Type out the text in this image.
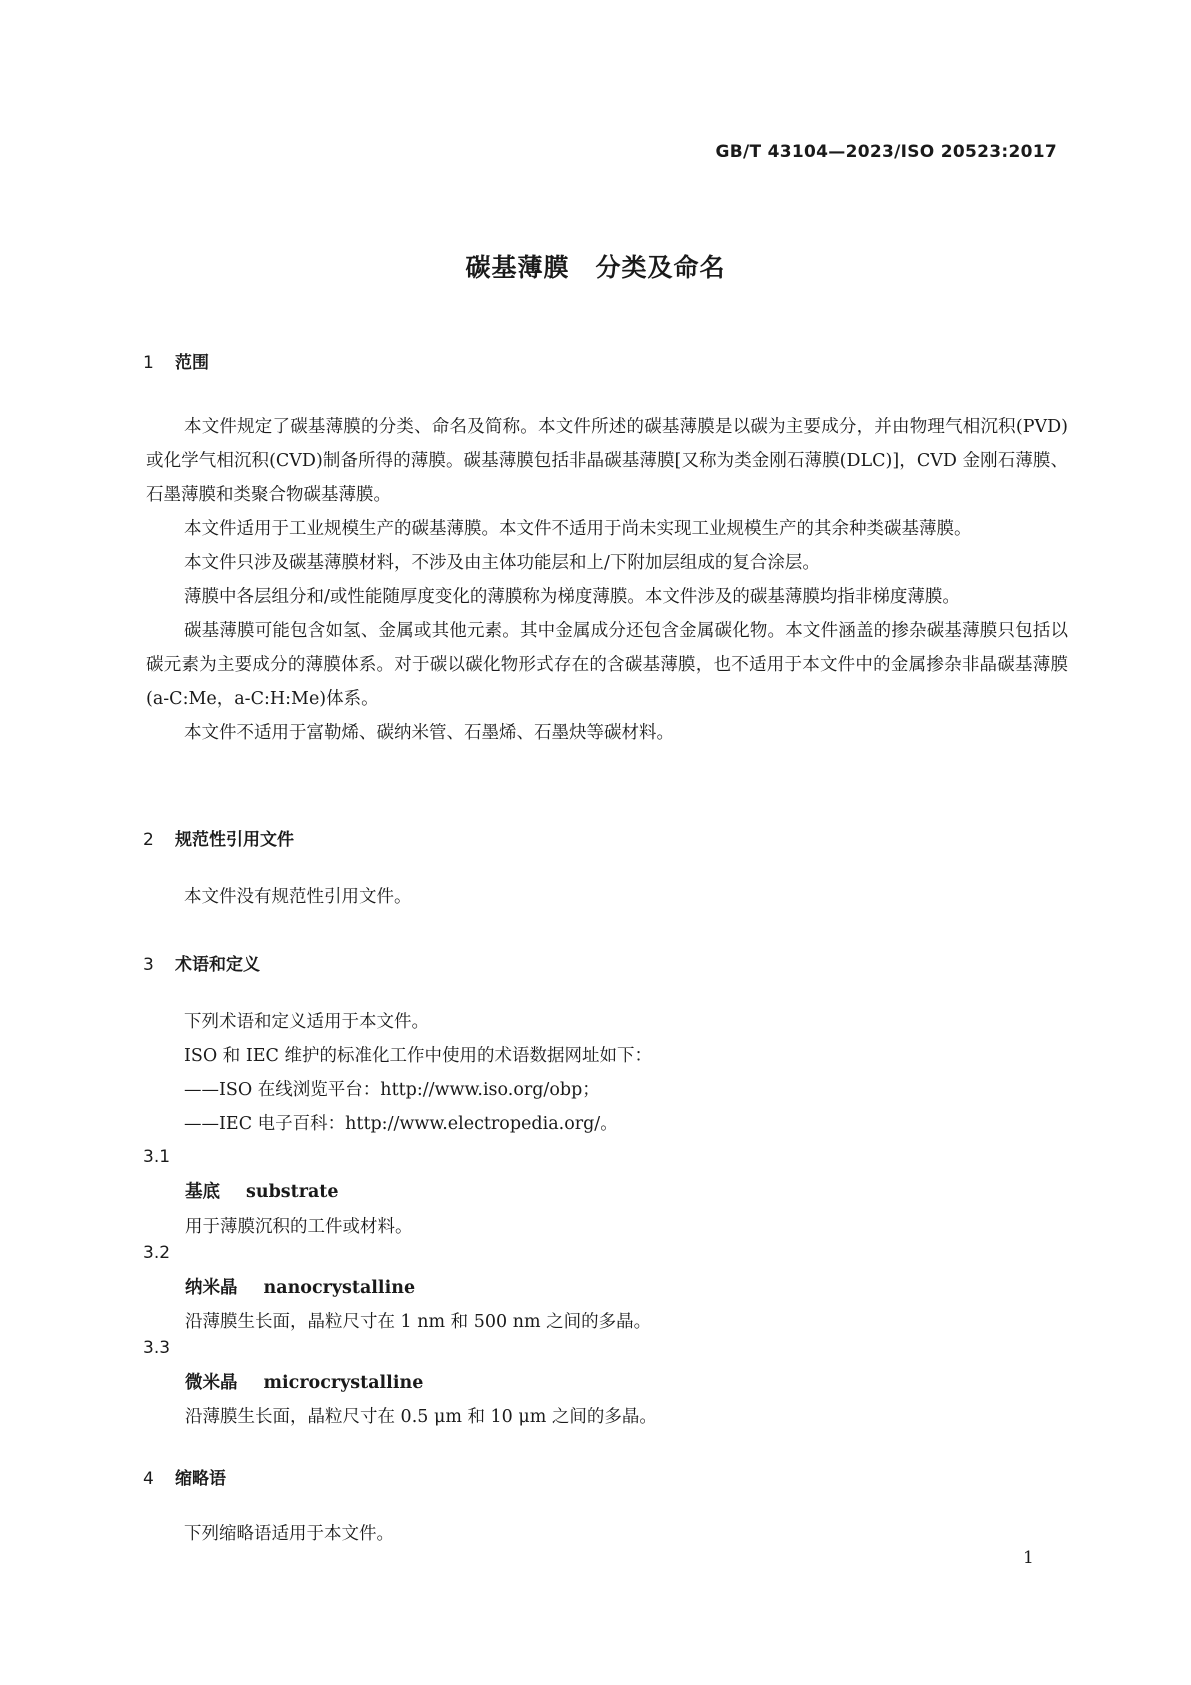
GB/T 43104—2023/ISO 20523:2017
碳基薄膜　分类及命名
1 范围

本文件规定了碳基薄膜的分类、命名及简称。本文件所述的碳基薄膜是以碳为主要成分，并由物理气相沉积(PVD)或化学气相沉积(CVD)制备所得的薄膜。碳基薄膜包括非晶碳基薄膜[又称为类金刚石薄膜(DLC)]，CVD 金刚石薄膜、石墨薄膜和类聚合物碳基薄膜。

本文件适用于工业规模生产的碳基薄膜。本文件不适用于尚未实现工业规模生产的其余种类碳基薄膜。

本文件只涉及碳基薄膜材料，不涉及由主体功能层和上/下附加层组成的复合涂层。

薄膜中各层组分和/或性能随厚度变化的薄膜称为梯度薄膜。本文件涉及的碳基薄膜均指非梯度薄膜。

碳基薄膜可能包含如氢、金属或其他元素。其中金属成分还包含金属碳化物。本文件涵盖的掺杂碳基薄膜只包括以碳元素为主要成分的薄膜体系。对于碳以碳化物形式存在的含碳基薄膜，也不适用于本文件中的金属掺杂非晶碳基薄膜(a-C:Me，a-C:H:Me)体系。

本文件不适用于富勒烯、碳纳米管、石墨烯、石墨炔等碳材料。

2 规范性引用文件

本文件没有规范性引用文件。

3 术语和定义

下列术语和定义适用于本文件。

ISO 和 IEC 维护的标准化工作中使用的术语数据网址如下：

——ISO 在线浏览平台：http://www.iso.org/obp；

——IEC 电子百科：http://www.electropedia.org/。

3.1
基底 substrate
用于薄膜沉积的工件或材料。
3.2
纳米晶 nanocrystalline
沿薄膜生长面，晶粒尺寸在 1 nm 和 500 nm 之间的多晶。
3.3
微米晶 microcrystalline
沿薄膜生长面，晶粒尺寸在 0.5 μm 和 10 μm 之间的多晶。
4 缩略语

下列缩略语适用于本文件。

1
